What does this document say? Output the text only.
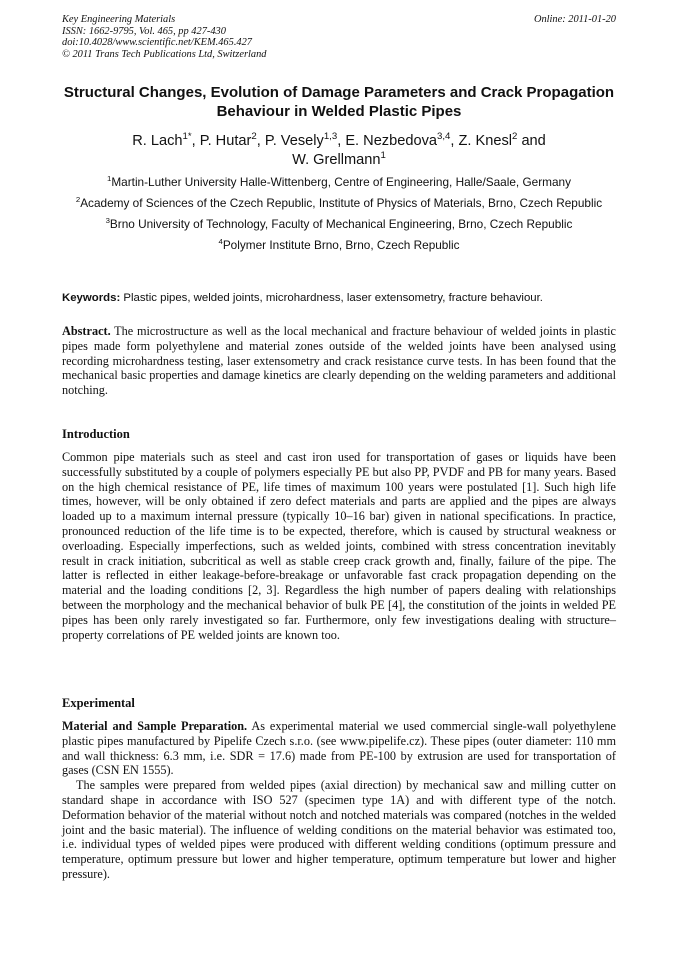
Key Engineering Materials
ISSN: 1662-9795, Vol. 465, pp 427-430
doi:10.4028/www.scientific.net/KEM.465.427
© 2011 Trans Tech Publications Ltd, Switzerland
Online: 2011-01-20
Structural Changes, Evolution of Damage Parameters and Crack Propagation Behaviour in Welded Plastic Pipes
R. Lach$^{1*}$, P. Hutar$^2$, P. Vesely$^{1,3}$, E. Nezbedova$^{3,4}$, Z. Knesl$^2$ and
W. Grellmann$^1$

$^1$Martin-Luther University Halle-Wittenberg, Centre of Engineering, Halle/Saale, Germany

$^2$Academy of Sciences of the Czech Republic, Institute of Physics of Materials, Brno, Czech Republic

$^3$Brno University of Technology, Faculty of Mechanical Engineering, Brno, Czech Republic

$^4$Polymer Institute Brno, Brno, Czech Republic

Keywords: Plastic pipes, welded joints, microhardness, laser extensometry, fracture behaviour.

Abstract. The microstructure as well as the local mechanical and fracture behaviour of welded joints in plastic pipes made form polyethylene and material zones outside of the welded joints have been analysed using recording microhardness testing, laser extensometry and crack resistance curve tests. In has been found that the mechanical basic properties and damage kinetics are clearly depending on the welding parameters and additional notching.

Introduction

Common pipe materials such as steel and cast iron used for transportation of gases or liquids have been successfully substituted by a couple of polymers especially PE but also PP, PVDF and PB for many years. Based on the high chemical resistance of PE, life times of maximum 100 years were postulated [1]. Such high life times, however, will be only obtained if zero defect materials and parts are applied and the pipes are always loaded up to a maximum internal pressure (typically 10–16 bar) given in national specifications. In practice, pronounced reduction of the life time is to be expected, therefore, which is caused by structural weakness or overloading. Especially imperfections, such as welded joints, combined with stress concentration inevitably result in crack initiation, subcritical as well as stable creep crack growth and, finally, failure of the pipe. The latter is reflected in either leakage-before-breakage or unfavorable fast crack propagation depending on the material and the loading conditions [2, 3]. Regardless the high number of papers dealing with relationships between the morphology and the mechanical behavior of bulk PE [4], the constitution of the joints in welded PE pipes has been only rarely investigated so far. Furthermore, only few investigations dealing with structure–property correlations of PE welded joints are known too.

Experimental

Material and Sample Preparation. As experimental material we used commercial single-wall polyethylene plastic pipes manufactured by Pipelife Czech s.r.o. (see www.pipelife.cz). These pipes (outer diameter: 110 mm and wall thickness: 6.3 mm, i.e. SDR = 17.6) made from PE-100 by extrusion are used for transportation of gases (CSN EN 1555).

The samples were prepared from welded pipes (axial direction) by mechanical saw and milling cutter on standard shape in accordance with ISO 527 (specimen type 1A) and with different type of the notch. Deformation behavior of the material without notch and notched materials was compared (notches in the welded joint and the basic material). The influence of welding conditions on the material behavior was estimated too, i.e. individual types of welded pipes were produced with different welding conditions (optimum pressure and temperature, optimum pressure but lower and higher temperature, optimum temperature but lower and higher pressure).
